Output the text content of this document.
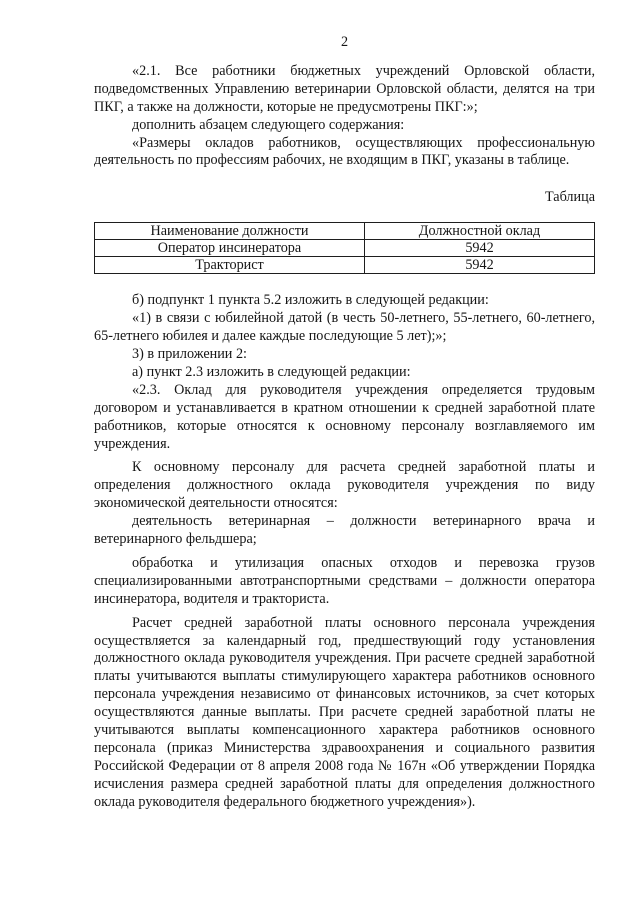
2

«2.1. Все работники бюджетных учреждений Орловской области, подведомственных Управлению ветеринарии Орловской области, делятся на три ПКГ, а также на должности, которые не предусмотрены ПКГ:»;

дополнить абзацем следующего содержания:

«Размеры окладов работников, осуществляющих профессиональную деятельность по профессиям рабочих, не входящим в ПКГ, указаны в таблице.

Таблица
Наименование должности	Должностной оклад
Оператор инсинератора	5942
Тракторист	5942

б) подпункт 1 пункта 5.2 изложить в следующей редакции:

«1) в связи с юбилейной датой (в честь 50-летнего, 55-летнего, 60-летнего, 65-летнего юбилея и далее каждые последующие 5 лет);»;

3) в приложении 2:

а) пункт 2.3 изложить в следующей редакции:

«2.3. Оклад для руководителя учреждения определяется трудовым договором и устанавливается в кратном отношении к средней заработной плате работников, которые относятся к основному персоналу возглавляемого им учреждения.

К основному персоналу для расчета средней заработной платы и определения должностного оклада руководителя учреждения по виду экономической деятельности относятся:

деятельность ветеринарная – должности ветеринарного врача и ветеринарного фельдшера;

обработка и утилизация опасных отходов и перевозка грузов специализированными автотранспортными средствами – должности оператора инсинератора, водителя и тракториста.

Расчет средней заработной платы основного персонала учреждения осуществляется за календарный год, предшествующий году установления должностного оклада руководителя учреждения. При расчете средней заработной платы учитываются выплаты стимулирующего характера работников основного персонала учреждения независимо от финансовых источников, за счет которых осуществляются данные выплаты. При расчете средней заработной платы не учитываются выплаты компенсационного характера работников основного персонала (приказ Министерства здравоохранения и социального развития Российской Федерации от 8 апреля 2008 года № 167н «Об утверждении Порядка исчисления размера средней заработной платы для определения должностного оклада руководителя федерального бюджетного учреждения»).
